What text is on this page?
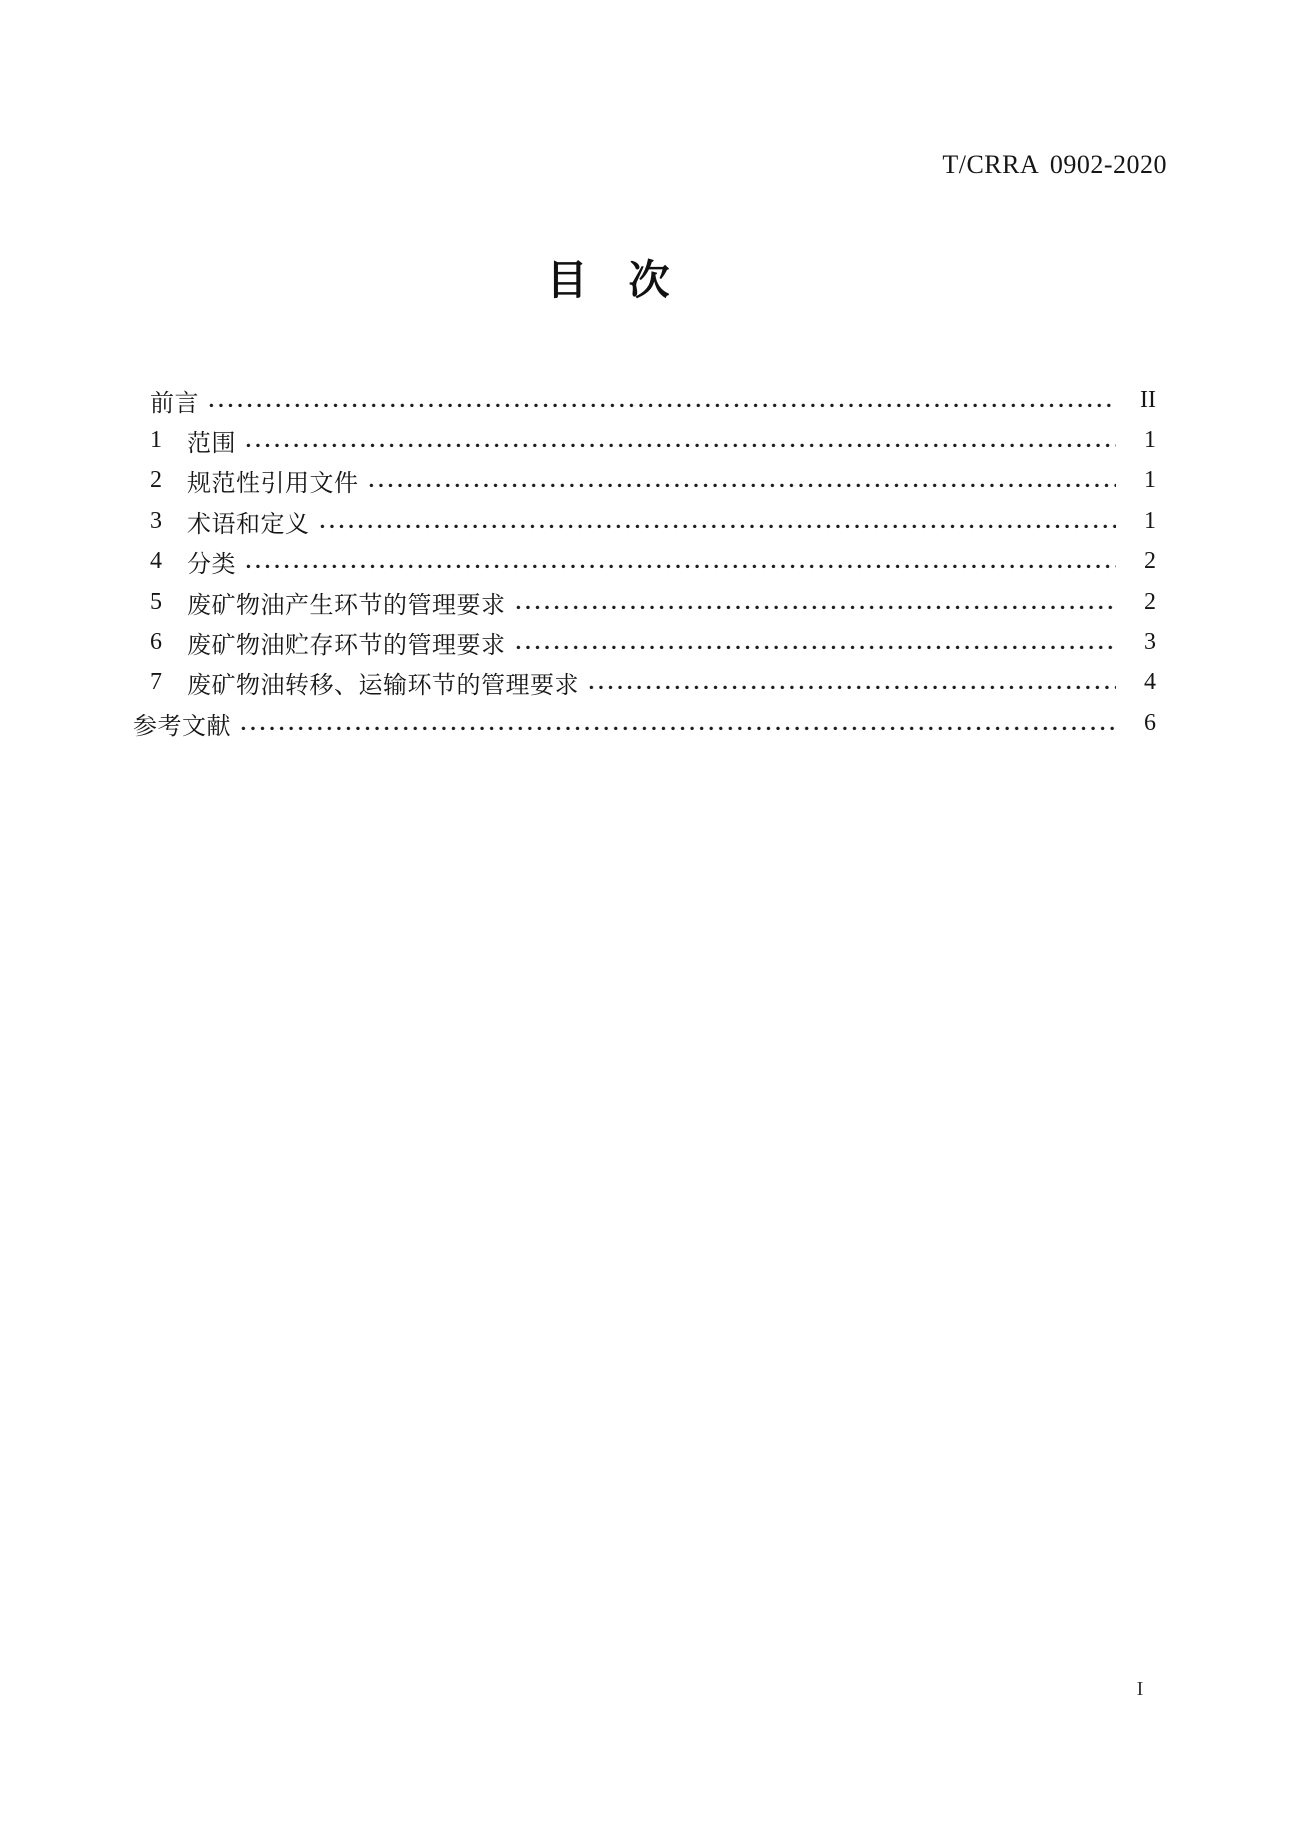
T/CRRA 0902-2020
目　次
前言	II
1	范围	1
2	规范性引用文件	1
3	术语和定义	1
4	分类	2
5	废矿物油产生环节的管理要求	2
6	废矿物油贮存环节的管理要求	3
7	废矿物油转移、运输环节的管理要求	4
参考文献	6
I
